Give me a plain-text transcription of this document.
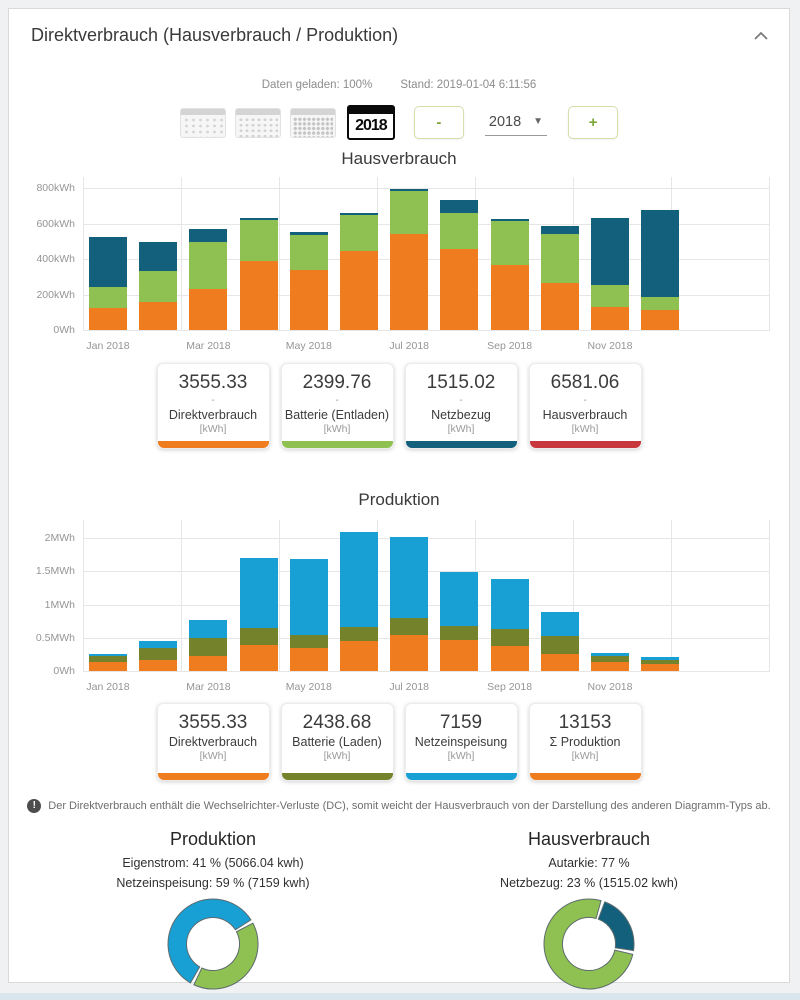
Direktverbrauch (Hausverbrauch / Produktion)
Daten geladen: 100% Stand: 2019-01-04 6:11:56
2018	-	2018 ▼	+
Hausverbrauch
0Wh
200kWh
400kWh
600kWh
800kWh
Jan 2018	Mar 2018	May 2018	Jul 2018	Sep 2018	Nov 2018
3555.33
-
Direktverbrauch
[kWh]
2399.76
-
Batterie (Entladen)
[kWh]
1515.02
-
Netzbezug
[kWh]
6581.06
-
Hausverbrauch
[kWh]
Produktion
0Wh
0.5MWh
1MWh
1.5MWh
2MWh
Jan 2018	Mar 2018	May 2018	Jul 2018	Sep 2018	Nov 2018
3555.33
Direktverbrauch
[kWh]
2438.68
Batterie (Laden)
[kWh]
7159
Netzeinspeisung
[kWh]
13153
Σ Produktion
[kWh]
!	Der Direktverbrauch enthält die Wechselrichter-Verluste (DC), somit weicht der Hausverbrauch von der Darstellung des anderen Diagramm-Typs ab.
Produktion
Eigenstrom: 41 % (5066.04 kwh)
Netzeinspeisung: 59 % (7159 kwh)
Hausverbrauch
Autarkie: 77 %
Netzbezug: 23 % (1515.02 kwh)
